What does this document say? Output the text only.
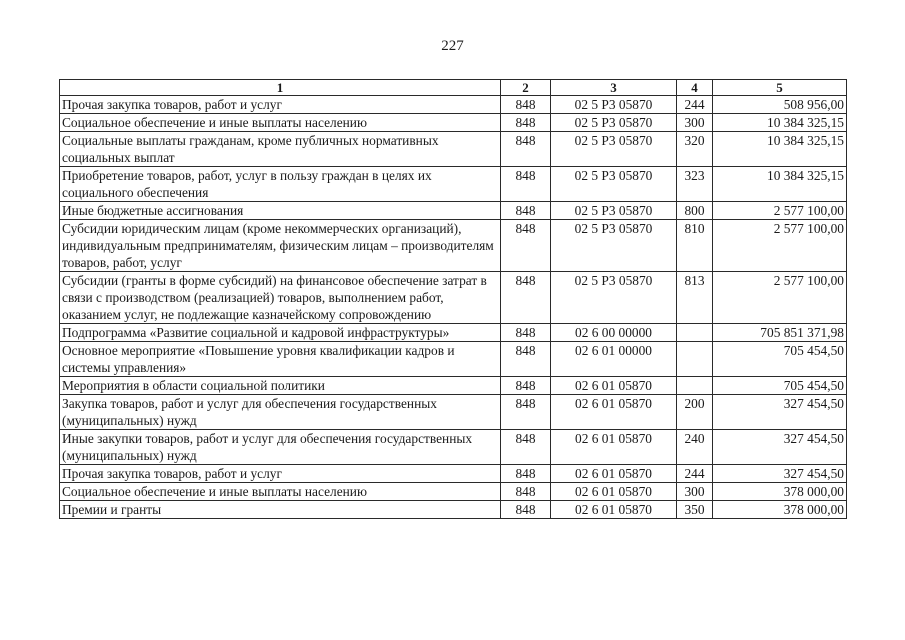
227
1	2	3	4	5
Прочая закупка товаров, работ и услуг	848	02 5 P3 05870	244	508 956,00
Социальное обеспечение и иные выплаты населению	848	02 5 P3 05870	300	10 384 325,15
Социальные выплаты гражданам, кроме публичных нормативных социальных выплат	848	02 5 P3 05870	320	10 384 325,15
Приобретение товаров, работ, услуг в пользу граждан в целях их социального обеспечения	848	02 5 P3 05870	323	10 384 325,15
Иные бюджетные ассигнования	848	02 5 P3 05870	800	2 577 100,00
Субсидии юридическим лицам (кроме некоммерческих организаций), индивидуальным предпринимателям, физическим лицам – производителям товаров, работ, услуг	848	02 5 P3 05870	810	2 577 100,00
Субсидии (гранты в форме субсидий) на финансовое обеспечение затрат в связи с производством (реализацией) товаров, выполнением работ, оказанием услуг, не подлежащие казначейскому сопровождению	848	02 5 P3 05870	813	2 577 100,00
Подпрограмма «Развитие социальной и кадровой инфраструктуры»	848	02 6 00 00000		705 851 371,98
Основное мероприятие «Повышение уровня квалификации кадров и системы управления»	848	02 6 01 00000		705 454,50
Мероприятия в области социальной политики	848	02 6 01 05870		705 454,50
Закупка товаров, работ и услуг для обеспечения государственных (муниципальных) нужд	848	02 6 01 05870	200	327 454,50
Иные закупки товаров, работ и услуг для обеспечения государственных (муниципальных) нужд	848	02 6 01 05870	240	327 454,50
Прочая закупка товаров, работ и услуг	848	02 6 01 05870	244	327 454,50
Социальное обеспечение и иные выплаты населению	848	02 6 01 05870	300	378 000,00
Премии и гранты	848	02 6 01 05870	350	378 000,00
